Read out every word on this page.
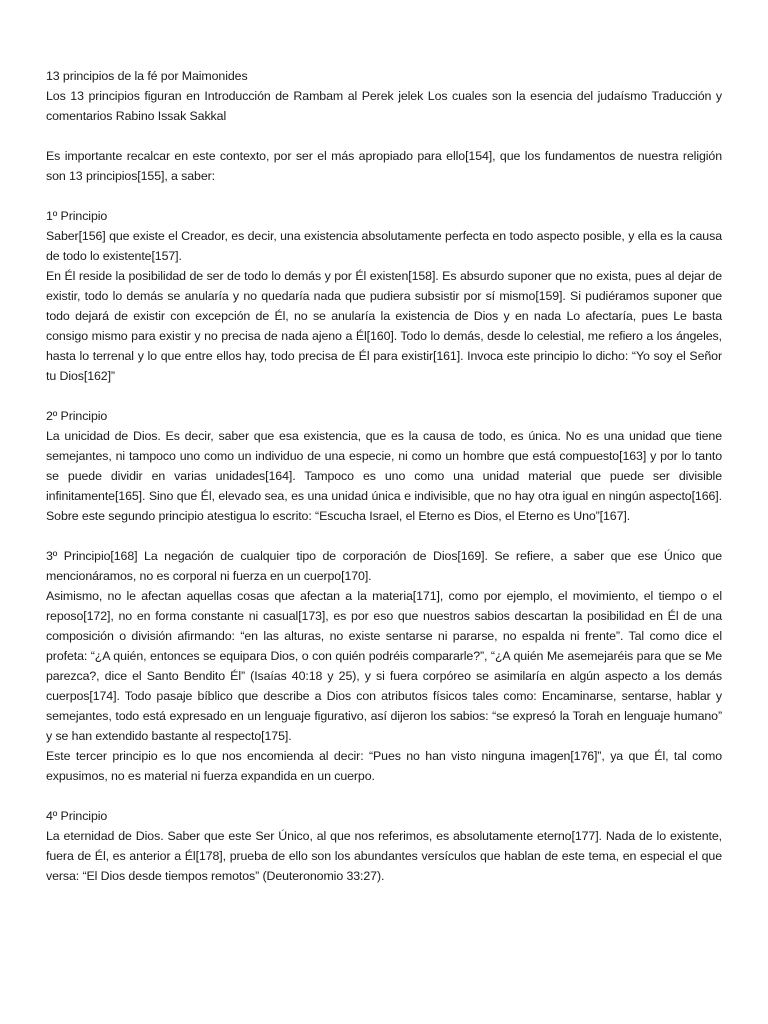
13 principios de la fé por Maimonides

Los 13 principios figuran en Introducción de Rambam al Perek jelek Los cuales son la esencia del judaísmo Traducción y comentarios Rabino Issak Sakkal

Es importante recalcar en este contexto, por ser el más apropiado para ello[154], que los fundamentos de nuestra religión son 13 principios[155], a saber:

1º Principio

Saber[156] que existe el Creador, es decir, una existencia absolutamente perfecta en todo aspecto posible, y ella es la causa de todo lo existente[157].

En Él reside la posibilidad de ser de todo lo demás y por Él existen[158]. Es absurdo suponer que no exista, pues al dejar de existir, todo lo demás se anularía y no quedaría nada que pudiera subsistir por sí mismo[159]. Si pudiéramos suponer que todo dejará de existir con excepción de Él, no se anularía la existencia de Dios y en nada Lo afectaría, pues Le basta consigo mismo para existir y no precisa de nada ajeno a Él[160]. Todo lo demás, desde lo celestial, me refiero a los ángeles, hasta lo terrenal y lo que entre ellos hay, todo precisa de Él para existir[161]. Invoca este principio lo dicho: “Yo soy el Señor tu Dios[162]”

2º Principio

La unicidad de Dios. Es decir, saber que esa existencia, que es la causa de todo, es única. No es una unidad que tiene semejantes, ni tampoco uno como un individuo de una especie, ni como un hombre que está compuesto[163] y por lo tanto se puede dividir en varias unidades[164]. Tampoco es uno como una unidad material que puede ser divisible infinitamente[165]. Sino que Él, elevado sea, es una unidad única e indivisible, que no hay otra igual en ningún aspecto[166]. Sobre este segundo principio atestigua lo escrito: “Escucha Israel, el Eterno es Dios, el Eterno es Uno”[167].

3º Principio[168] La negación de cualquier tipo de corporación de Dios[169]. Se refiere, a saber que ese Único que mencionáramos, no es corporal ni fuerza en un cuerpo[170].

Asimismo, no le afectan aquellas cosas que afectan a la materia[171], como por ejemplo, el movimiento, el tiempo o el reposo[172], no en forma constante ni casual[173], es por eso que nuestros sabios descartan la posibilidad en Él de una composición o división afirmando: “en las alturas, no existe sentarse ni pararse, no espalda ni frente”. Tal como dice el profeta: “¿A quién, entonces se equipara Dios, o con quién podréis compararle?”, “¿A quién Me asemejaréis para que se Me parezca?, dice el Santo Bendito Él” (Isaías 40:18 y 25), y si fuera corpóreo se asimilaría en algún aspecto a los demás cuerpos[174]. Todo pasaje bíblico que describe a Dios con atributos físicos tales como: Encaminarse, sentarse, hablar y semejantes, todo está expresado en un lenguaje figurativo, así dijeron los sabios: “se expresó la Torah en lenguaje humano” y se han extendido bastante al respecto[175].

Este tercer principio es lo que nos encomienda al decir: “Pues no han visto ninguna imagen[176]”, ya que Él, tal como expusimos, no es material ni fuerza expandida en un cuerpo.

4º Principio

La eternidad de Dios. Saber que este Ser Único, al que nos referimos, es absolutamente eterno[177]. Nada de lo existente, fuera de Él, es anterior a Él[178], prueba de ello son los abundantes versículos que hablan de este tema, en especial el que versa: “El Dios desde tiempos remotos” (Deuteronomio 33:27).
